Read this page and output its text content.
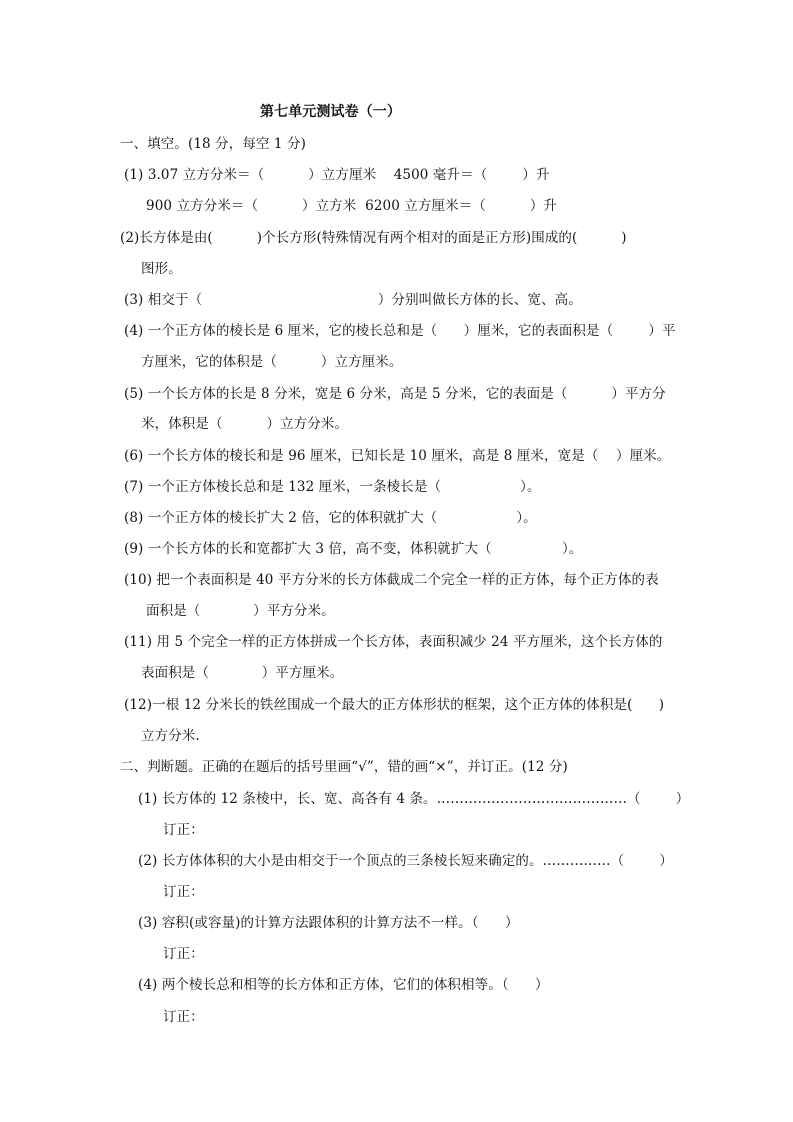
第七单元测试卷（一）
一、填空。(18 分，每空 1 分)
(1) 3.07 立方分米＝（          ）立方厘米    4500 毫升＝（        ）升
900 立方分米＝（          ）立方米  6200 立方厘米＝（          ）升
(2)长方体是由(          )个长方形(特殊情况有两个相对的面是正方形)围成的(          )
图形。
(3) 相交于（                                        ）分别叫做长方体的长、宽、高。
(4) 一个正方体的棱长是 6 厘米，它的棱长总和是（      ）厘米，它的表面积是（        ）平
方厘米，它的体积是（          ）立方厘米。
(5) 一个长方体的长是 8 分米，宽是 6 分米，高是 5 分米，它的表面是（          ）平方分
米，体积是（          ）立方分米。
(6) 一个长方体的棱长和是 96 厘米，已知长是 10 厘米，高是 8 厘米，宽是（    ）厘米。
(7) 一个正方体棱长总和是 132 厘米，一条棱长是（                  ）。
(8) 一个正方体的棱长扩大 2 倍，它的体积就扩大（                  ）。
(9) 一个长方体的长和宽都扩大 3 倍，高不变，体积就扩大（                ）。
(10) 把一个表面积是 40 平方分米的长方体截成二个完全一样的正方体，每个正方体的表
面积是（            ）平方分米。
(11) 用 5 个完全一样的正方体拼成一个长方体，表面积减少 24 平方厘米，这个长方体的
表面积是（            ）平方厘米。
(12)一根 12 分米长的铁丝围成一个最大的正方体形状的框架，这个正方体的体积是(      )
立方分米.
二、判断题。正确的在题后的括号里画“√”，错的画“×”，并订正。(12 分)
(1) 长方体的 12 条棱中，长、宽、高各有 4 条。……………………………………（        ）
订正：
(2) 长方体体积的大小是由相交于一个顶点的三条棱长短来确定的。……………（        ）
订正：
(3) 容积(或容量)的计算方法跟体积的计算方法不一样。（      ）
订正：
(4) 两个棱长总和相等的长方体和正方体，它们的体积相等。（      ）
订正：
